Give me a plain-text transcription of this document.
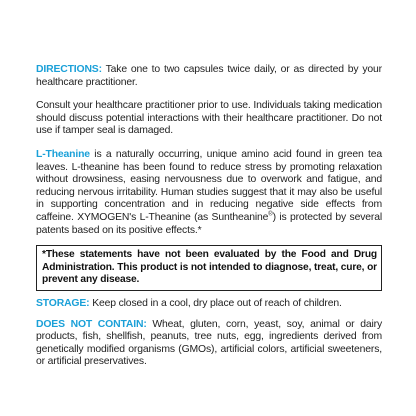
DIRECTIONS: Take one to two capsules twice daily, or as directed by your healthcare practitioner.

Consult your healthcare practitioner prior to use. Individuals taking medication should discuss potential interactions with their healthcare practitioner. Do not use if tamper seal is damaged.

L-Theanine is a naturally occurring, unique amino acid found in green tea leaves. L-theanine has been found to reduce stress by promoting relaxation without drowsiness, easing nervousness due to overwork and fatigue, and reducing nervous irritability. Human studies suggest that it may also be useful in supporting concentration and in reducing negative side effects from caffeine. XYMOGEN's L-Theanine (as Suntheanine®) is protected by several patents based on its positive effects.*

*These statements have not been evaluated by the Food and Drug Administration. This product is not intended to diagnose, treat, cure, or prevent any disease.

STORAGE: Keep closed in a cool, dry place out of reach of children.

DOES NOT CONTAIN: Wheat, gluten, corn, yeast, soy, animal or dairy products, fish, shellfish, peanuts, tree nuts, egg, ingredients derived from genetically modified organisms (GMOs), artificial colors, artificial sweeteners, or artificial preservatives.
